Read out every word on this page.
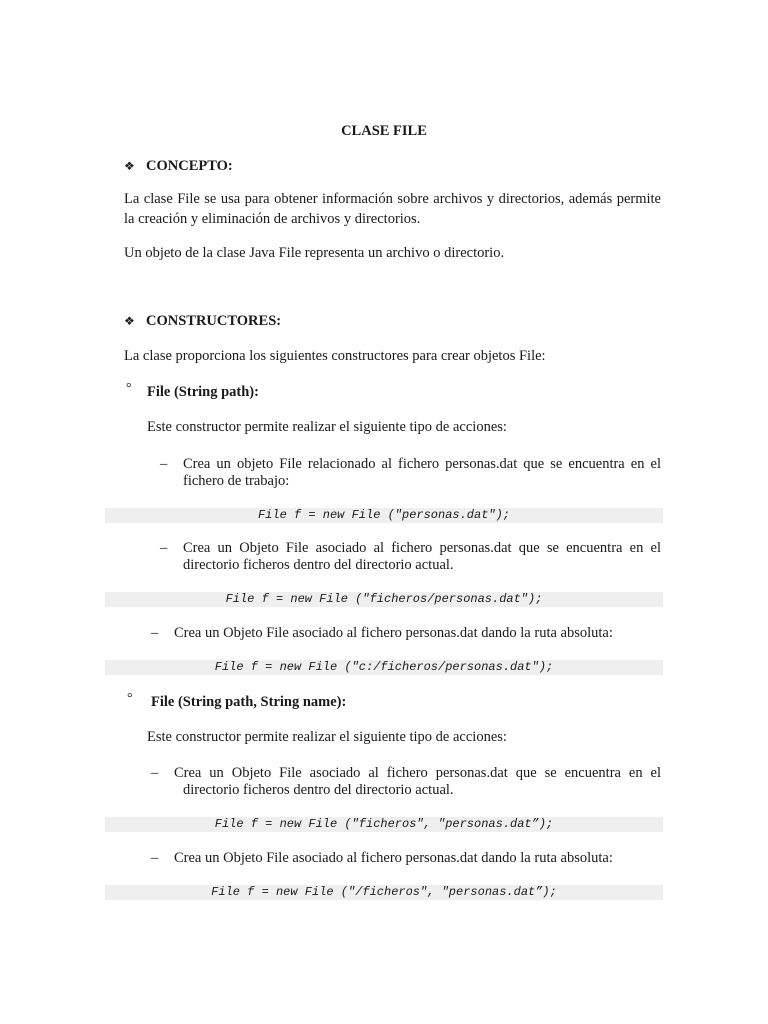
CLASE FILE
❖ CONCEPTO:
La clase File se usa para obtener información sobre archivos y directorios, además permite
la creación y eliminación de archivos y directorios.
Un objeto de la clase Java File representa un archivo o directorio.
❖ CONSTRUCTORES:
La clase proporciona los siguientes constructores para crear objetos File:
° File (String path):
Este constructor permite realizar el siguiente tipo de acciones:
– Crea un objeto File relacionado al fichero personas.dat que se encuentra en el
fichero de trabajo:
File f = new File ("personas.dat");
– Crea un Objeto File asociado al fichero personas.dat que se encuentra en el
directorio ficheros dentro del directorio actual.
File f = new File ("ficheros/personas.dat");
– Crea un Objeto File asociado al fichero personas.dat dando la ruta absoluta:
File f = new File ("c:/ficheros/personas.dat");
° File (String path, String name):
Este constructor permite realizar el siguiente tipo de acciones:
– Crea un Objeto File asociado al fichero personas.dat que se encuentra en el
directorio ficheros dentro del directorio actual.
File f = new File ("ficheros", "personas.dat”);
– Crea un Objeto File asociado al fichero personas.dat dando la ruta absoluta:
File f = new File ("/ficheros", "personas.dat”);
